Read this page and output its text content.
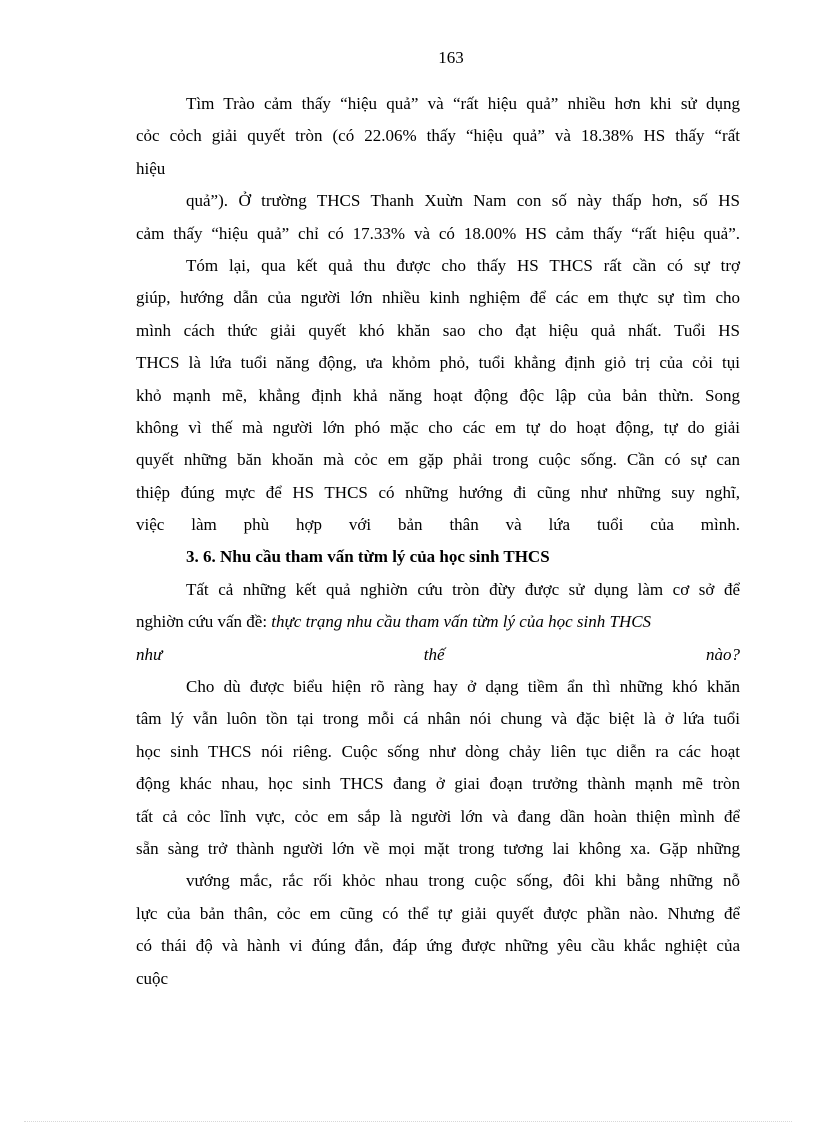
163
Tìm Trào cảm thấy “hiệu quả” và “rất hiệu quả” nhiều hơn khi sử dụng
cỏc cỏch giải quyết tròn (có 22.06% thấy “hiệu quả” và 18.38% HS thấy “rất
hiệu
quả”). Ở trường THCS Thanh Xuừn Nam con số này thấp hơn, số HS
cảm thấy “hiệu quả” chỉ có 17.33% và có 18.00% HS cảm thấy “rất hiệu quả”.
Tóm lại, qua kết quả thu được cho thấy HS THCS rất cần có sự trợ
giúp, hướng dẫn của người lớn nhiều kinh nghiệm để các em thực sự tìm cho
mình cách thức giải quyết khó khăn sao cho đạt hiệu quả nhất. Tuổi HS
THCS là lứa tuổi năng động, ưa khỏm phỏ, tuổi khẳng định giỏ trị của cỏi tụi
khỏ mạnh mẽ, khẳng định khả năng hoạt động độc lập của bản thừn. Song
không vì thế mà người lớn phó mặc cho các em tự do hoạt động, tự do giải
quyết những băn khoăn mà cỏc em gặp phải trong cuộc sống. Cần có sự can
thiệp đúng mực để HS THCS có những hướng đi cũng như những suy nghĩ,
việc làm phù hợp với bản thân và lứa tuổi của mình.
3. 6. Nhu cầu tham vấn từm lý của học sinh THCS
Tất cả những kết quả nghiờn cứu tròn đừy được sử dụng làm cơ sở để
nghiờn cứu vấn đề: thực trạng nhu cầu tham vấn từm lý của học sinh THCS
như thế nào?
Cho dù được biểu hiện rõ ràng hay ở dạng tiềm ẩn thì những khó khăn
tâm lý vẫn luôn tồn tại trong mỗi cá nhân nói chung và đặc biệt là ở lứa tuổi
học sinh THCS nói riêng. Cuộc sống như dòng chảy liên tục diễn ra các hoạt
động khác nhau, học sinh THCS đang ở giai đoạn trưởng thành mạnh mẽ tròn
tất cả cỏc lĩnh vực, cỏc em sắp là người lớn và đang dần hoàn thiện mình để
sẵn sàng trở thành người lớn về mọi mặt trong tương lai không xa. Gặp những
vướng mắc, rắc rối khỏc nhau trong cuộc sống, đôi khi bằng những nỗ
lực của bản thân, cỏc em cũng có thể tự giải quyết được phần nào. Nhưng để
có thái độ và hành vi đúng đắn, đáp ứng được những yêu cầu khắc nghiệt của
cuộc
